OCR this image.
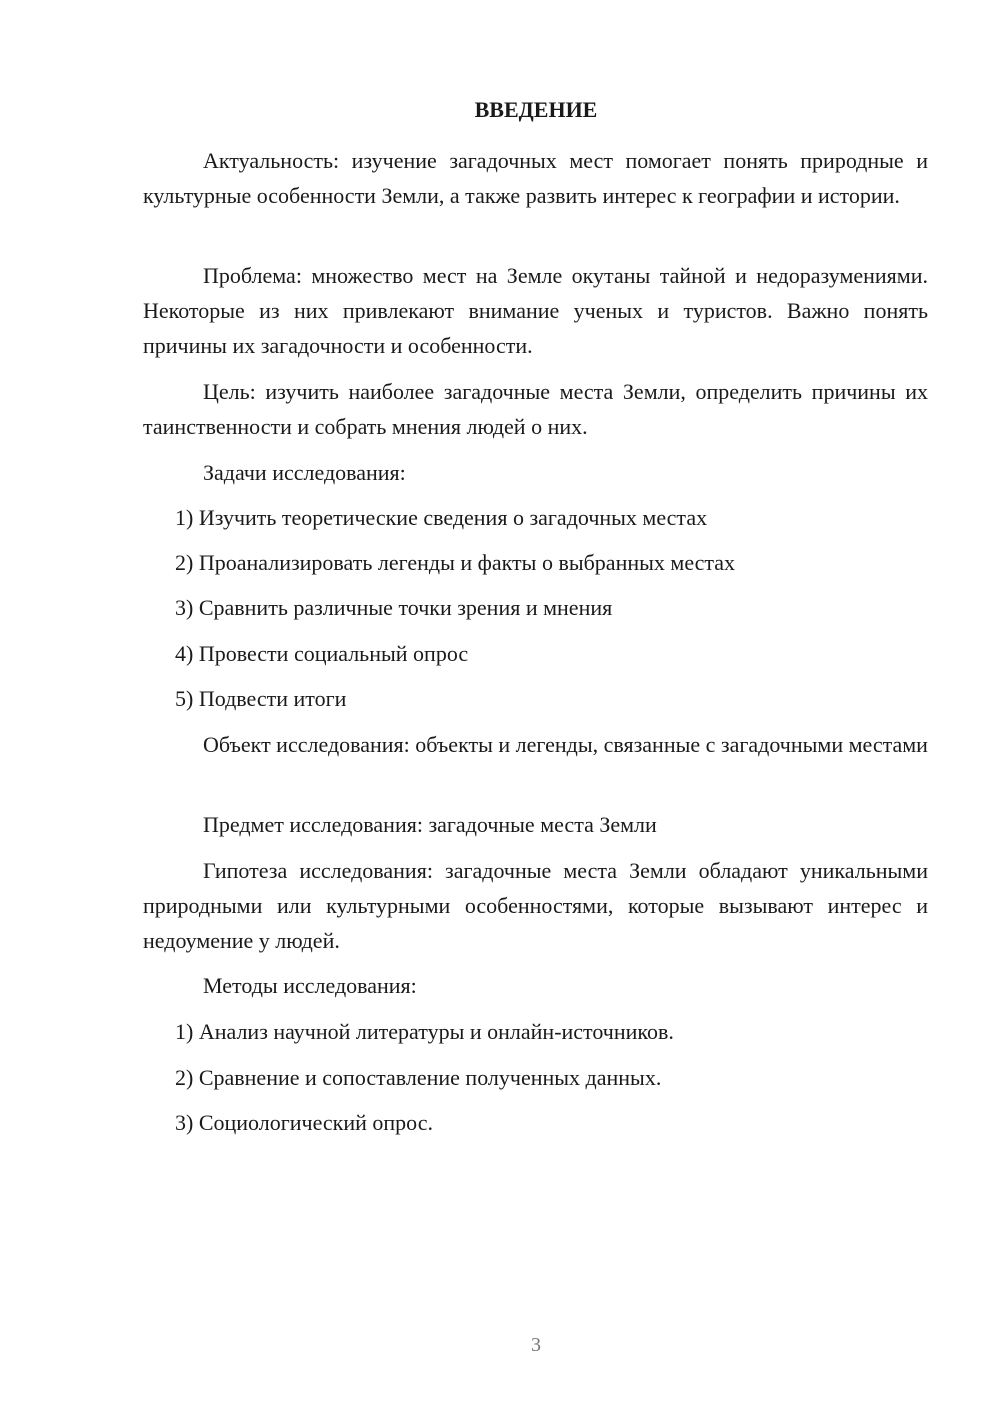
ВВЕДЕНИЕ

Актуальность: изучение загадочных мест помогает понять природные и культурные особенности Земли, а также развить интерес к географии и истории.

Проблема: множество мест на Земле окутаны тайной и недоразумениями. Некоторые из них привлекают внимание ученых и туристов. Важно понять причины их загадочности и особенности.

Цель: изучить наиболее загадочные места Земли, определить причины их таинственности и собрать мнения людей о них.

Задачи исследования:

1) Изучить теоретические сведения о загадочных местах

2) Проанализировать легенды и факты о выбранных местах

3) Сравнить различные точки зрения и мнения

4) Провести социальный опрос

5) Подвести итоги

Объект исследования: объекты и легенды, связанные с загадочными местами

Предмет исследования: загадочные места Земли

Гипотеза исследования: загадочные места Земли обладают уникальными природными или культурными особенностями, которые вызывают интерес и недоумение у людей.

Методы исследования:

1) Анализ научной литературы и онлайн-источников.

2) Сравнение и сопоставление полученных данных.

3) Социологический опрос.

3
